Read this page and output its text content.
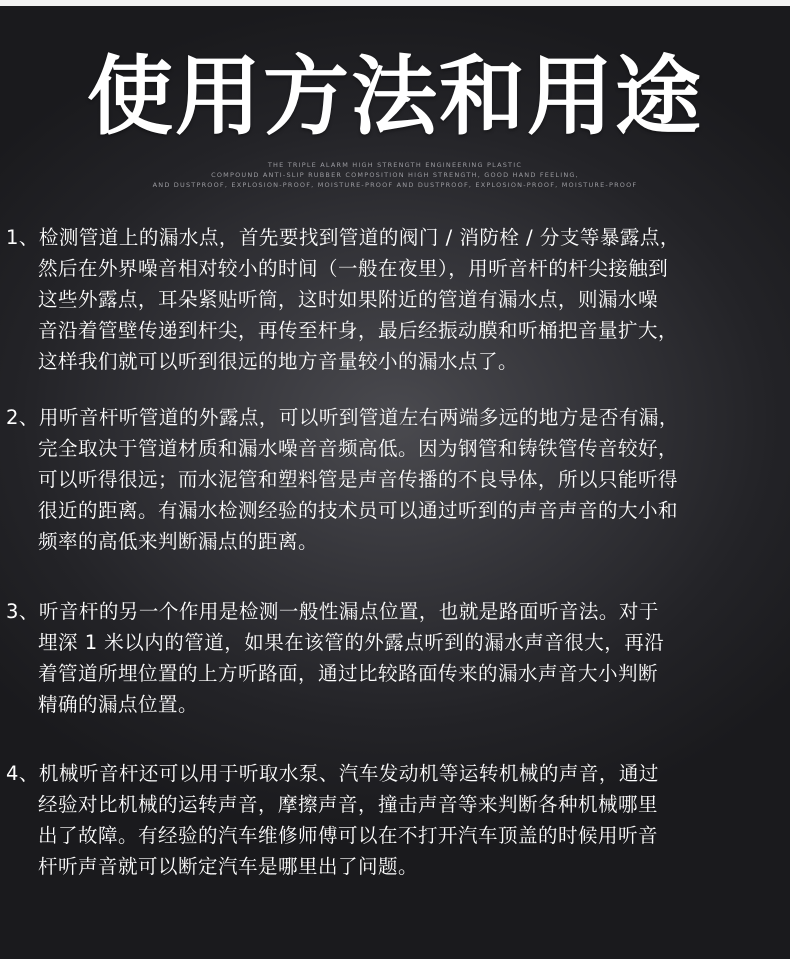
使用方法和用途
THE TRIPLE ALARM HIGH STRENGTH ENGINEERING PLASTIC
COMPOUND ANTI-SLIP RUBBER COMPOSITION HIGH STRENGTH, GOOD HAND FEELING,
AND DUSTPROOF, EXPLOSION-PROOF, MOISTURE-PROOF AND DUSTPROOF, EXPLOSION-PROOF, MOISTURE-PROOF
1、检测管道上的漏水点，首先要找到管道的阀门 / 消防栓 / 分支等暴露点，
然后在外界噪音相对较小的时间（一般在夜里），用听音杆的杆尖接触到
这些外露点，耳朵紧贴听筒，这时如果附近的管道有漏水点，则漏水噪
音沿着管壁传递到杆尖，再传至杆身，最后经振动膜和听桶把音量扩大，
这样我们就可以听到很远的地方音量较小的漏水点了。
2、用听音杆听管道的外露点，可以听到管道左右两端多远的地方是否有漏，
完全取决于管道材质和漏水噪音音频高低。因为钢管和铸铁管传音较好，
可以听得很远；而水泥管和塑料管是声音传播的不良导体，所以只能听得
很近的距离。有漏水检测经验的技术员可以通过听到的声音声音的大小和
频率的高低来判断漏点的距离。
3、听音杆的另一个作用是检测一般性漏点位置，也就是路面听音法。对于
埋深 1 米以内的管道，如果在该管的外露点听到的漏水声音很大，再沿
着管道所埋位置的上方听路面，通过比较路面传来的漏水声音大小判断
精确的漏点位置。
4、机械听音杆还可以用于听取水泵、汽车发动机等运转机械的声音，通过
经验对比机械的运转声音，摩擦声音，撞击声音等来判断各种机械哪里
出了故障。有经验的汽车维修师傅可以在不打开汽车顶盖的时候用听音
杆听声音就可以断定汽车是哪里出了问题。
